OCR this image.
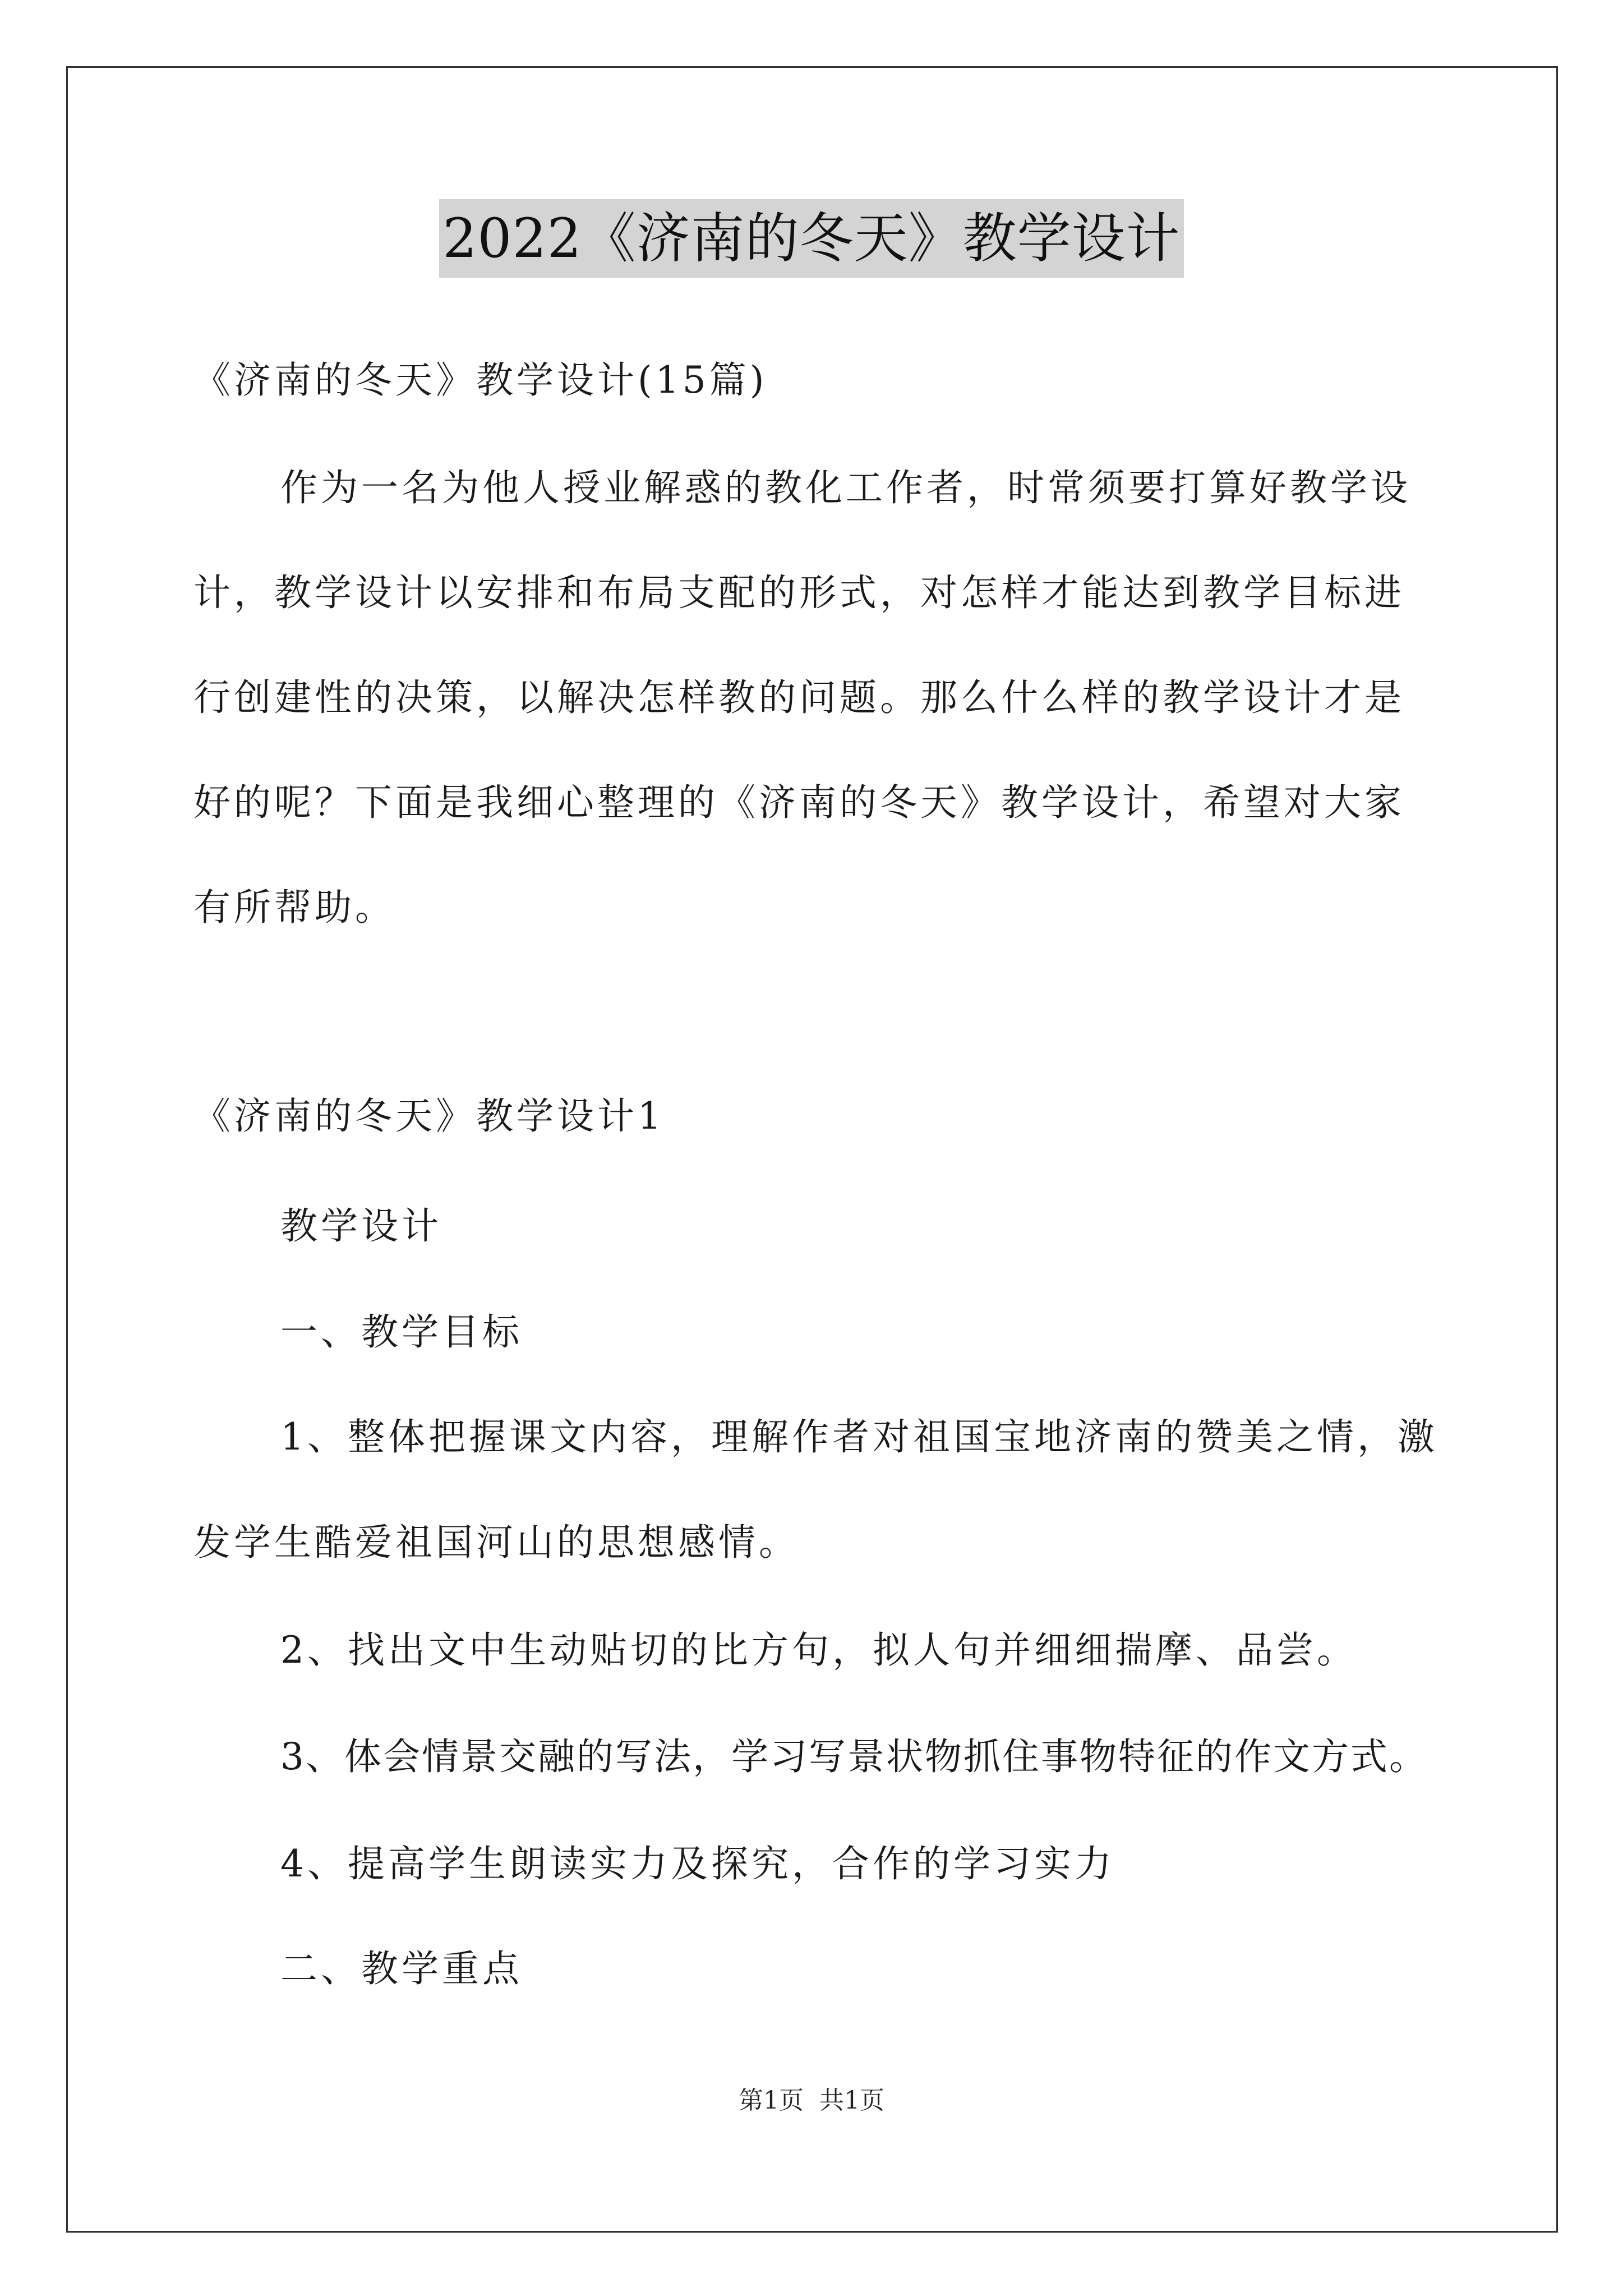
2022《济南的冬天》教学设计
《济南的冬天》教学设计(15篇)
作为一名为他人授业解惑的教化工作者，时常须要打算好教学设
计，教学设计以安排和布局支配的形式，对怎样才能达到教学目标进
行创建性的决策，以解决怎样教的问题。那么什么样的教学设计才是
好的呢？下面是我细心整理的《济南的冬天》教学设计，希望对大家
有所帮助。
《济南的冬天》教学设计1
教学设计
一、教学目标
1、整体把握课文内容，理解作者对祖国宝地济南的赞美之情，激
发学生酷爱祖国河山的思想感情。
2、找出文中生动贴切的比方句，拟人句并细细揣摩、品尝。
3、体会情景交融的写法，学习写景状物抓住事物特征的作文方式。
4、提高学生朗读实力及探究，合作的学习实力
二、教学重点
第1页 共1页
